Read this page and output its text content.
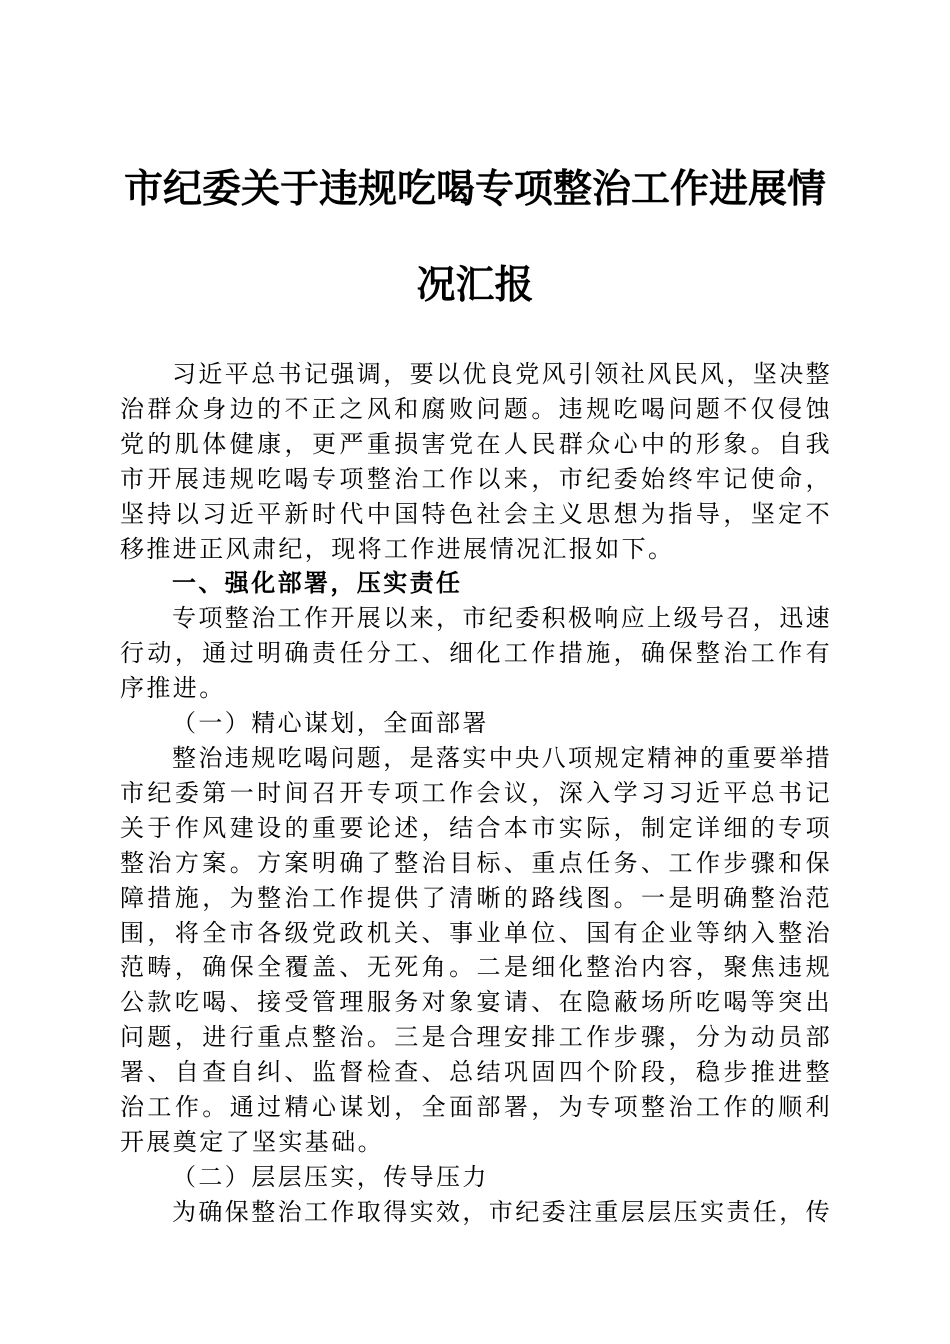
市纪委关于违规吃喝专项整治工作进展情况汇报

习近平总书记强调，要以优良党风引领社风民风，坚决整治群众身边的不正之风和腐败问题。违规吃喝问题不仅侵蚀党的肌体健康，更严重损害党在人民群众心中的形象。自我市开展违规吃喝专项整治工作以来，市纪委始终牢记使命，坚持以习近平新时代中国特色社会主义思想为指导，坚定不移推进正风肃纪，现将工作进展情况汇报如下。

一、强化部署，压实责任

专项整治工作开展以来，市纪委积极响应上级号召，迅速行动，通过明确责任分工、细化工作措施，确保整治工作有序推进。

（一）精心谋划，全面部署

整治违规吃喝问题，是落实中央八项规定精神的重要举措市纪委第一时间召开专项工作会议，深入学习习近平总书记关于作风建设的重要论述，结合本市实际，制定详细的专项整治方案。方案明确了整治目标、重点任务、工作步骤和保障措施，为整治工作提供了清晰的路线图。一是明确整治范围，将全市各级党政机关、事业单位、国有企业等纳入整治范畴，确保全覆盖、无死角。二是细化整治内容，聚焦违规公款吃喝、接受管理服务对象宴请、在隐蔽场所吃喝等突出问题，进行重点整治。三是合理安排工作步骤，分为动员部署、自查自纠、监督检查、总结巩固四个阶段，稳步推进整治工作。通过精心谋划，全面部署，为专项整治工作的顺利开展奠定了坚实基础。

（二）层层压实，传导压力

为确保整治工作取得实效，市纪委注重层层压实责任，传
